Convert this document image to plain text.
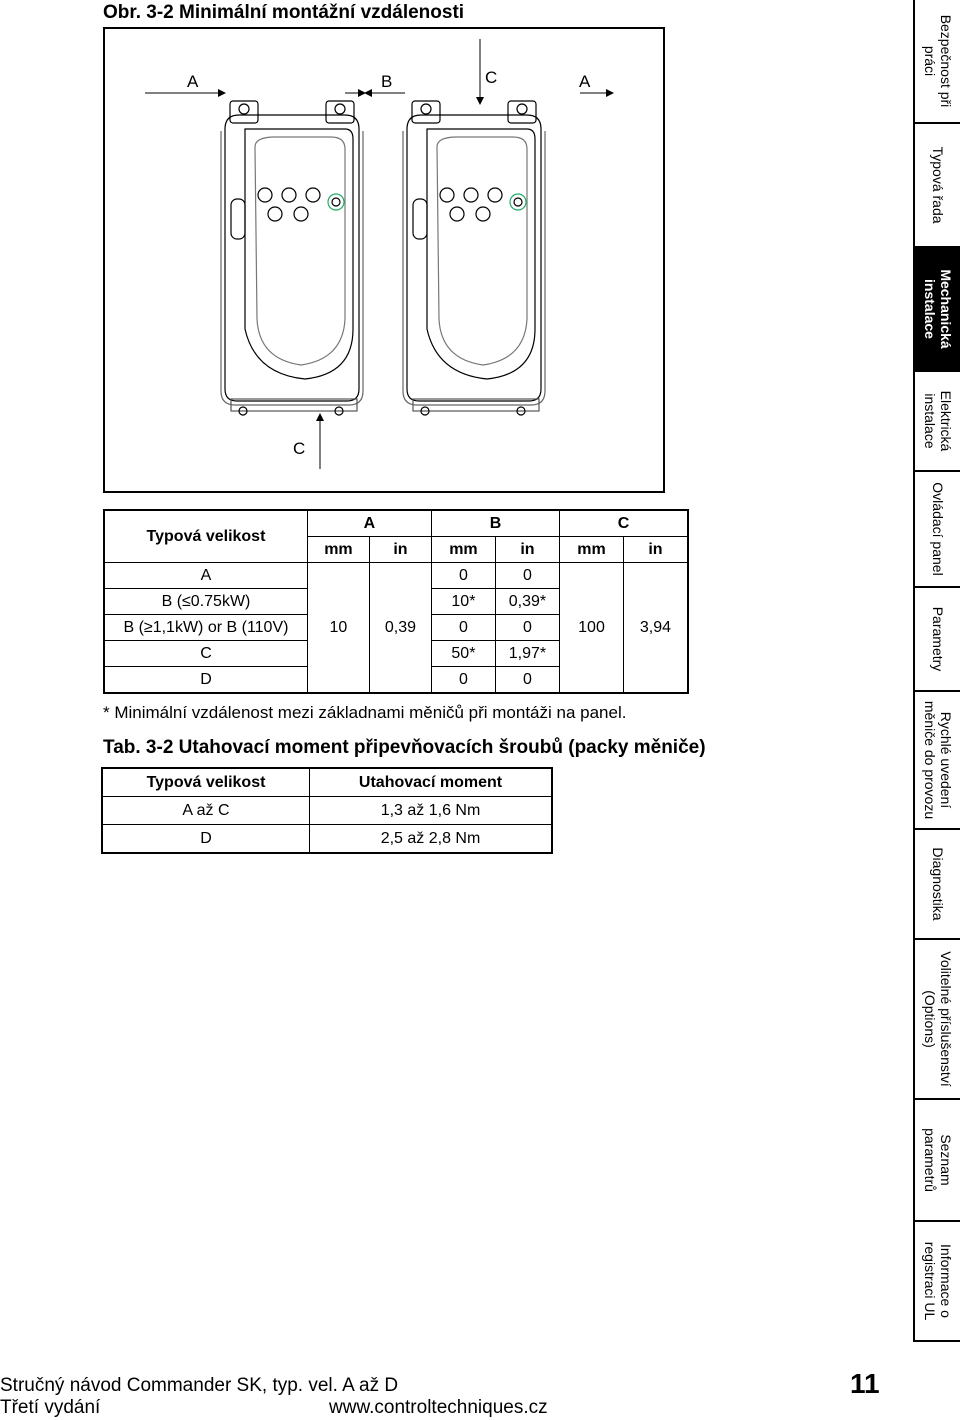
Obr. 3-2 Minimální montážní vzdálenosti
A	B	C	A
C
Typová velikost	A		B		C	
	mm	in	mm	in	mm	in
A	10	0,39	0	0	100	3,94
B (≤0.75kW)			10*	0,39*		
B (≥1,1kW) or B (110V)			0	0		
C			50*	1,97*		
D			0	0		
* Minimální vzdálenost mezi základnami měničů při montáži na panel.
Tab. 3-2 Utahovací moment připevňovacích šroubů (packy měniče)
Typová velikost	Utahovací moment
A až C	1,3 až 1,6 Nm
D	2,5 až 2,8 Nm
Bezpečnost při práci
Typová řada
Mechanická instalace
Elektrická instalace
Ovládací panel
Parametry
Rychlé uvedení měniče do provozu
Diagnostika
Volitelné příslušenství (Options)
Seznam parametrů
Informace o registraci UL
Stručný návod Commander SK, typ. vel. A až D
Třetí vydání	www.controltechniques.cz
11
